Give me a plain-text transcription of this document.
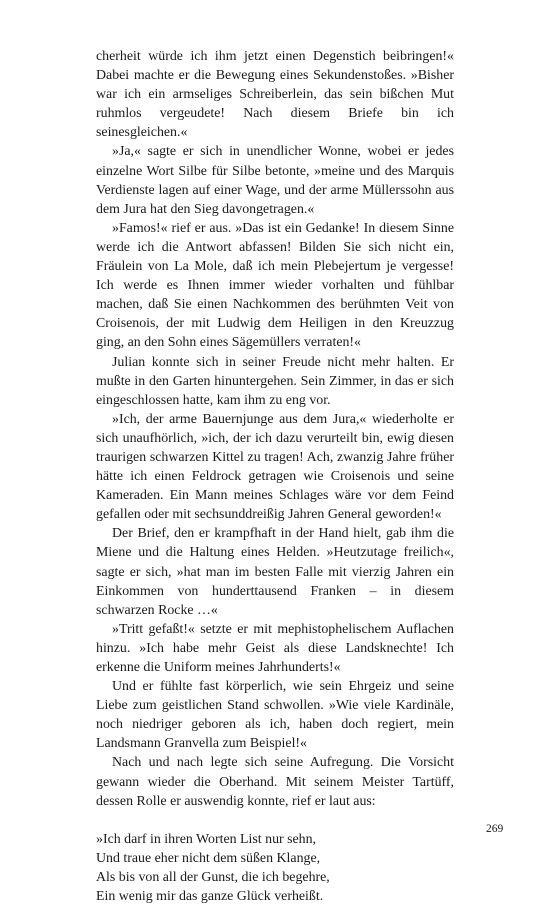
cherheit würde ich ihm jetzt einen Degenstich beibringen!« Dabei machte er die Bewegung eines Sekundenstoßes. »Bisher war ich ein armseliges Schreiberlein, das sein bißchen Mut ruhmlos vergeudete! Nach diesem Briefe bin ich seinesgleichen.«

»Ja,« sagte er sich in unendlicher Wonne, wobei er jedes einzelne Wort Silbe für Silbe betonte, »meine und des Marquis Verdienste lagen auf einer Wage, und der arme Müllerssohn aus dem Jura hat den Sieg davongetragen.«

»Famos!« rief er aus. »Das ist ein Gedanke! In diesem Sinne werde ich die Antwort abfassen! Bilden Sie sich nicht ein, Fräulein von La Mole, daß ich mein Plebejertum je vergesse! Ich werde es Ihnen immer wieder vorhalten und fühlbar machen, daß Sie einen Nachkommen des berühmten Veit von Croisenois, der mit Ludwig dem Heiligen in den Kreuzzug ging, an den Sohn eines Sägemüllers verraten!«

Julian konnte sich in seiner Freude nicht mehr halten. Er mußte in den Garten hinuntergehen. Sein Zimmer, in das er sich eingeschlossen hatte, kam ihm zu eng vor.

»Ich, der arme Bauernjunge aus dem Jura,« wiederholte er sich unaufhörlich, »ich, der ich dazu verurteilt bin, ewig diesen traurigen schwarzen Kittel zu tragen! Ach, zwanzig Jahre früher hätte ich einen Feldrock getragen wie Croisenois und seine Kameraden. Ein Mann meines Schlages wäre vor dem Feind gefallen oder mit sechsunddreißig Jahren General geworden!«

Der Brief, den er krampfhaft in der Hand hielt, gab ihm die Miene und die Haltung eines Helden. »Heutzutage freilich«, sagte er sich, »hat man im besten Falle mit vierzig Jahren ein Einkommen von hunderttausend Franken – in diesem schwarzen Rocke …«

»Tritt gefaßt!« setzte er mit mephistophelischem Auflachen hinzu. »Ich habe mehr Geist als diese Landsknechte! Ich erkenne die Uniform meines Jahrhunderts!«

Und er fühlte fast körperlich, wie sein Ehrgeiz und seine Liebe zum geistlichen Stand schwollen. »Wie viele Kardinäle, noch niedriger geboren als ich, haben doch regiert, mein Landsmann Granvella zum Beispiel!«

Nach und nach legte sich seine Aufregung. Die Vorsicht gewann wieder die Oberhand. Mit seinem Meister Tartüff, dessen Rolle er auswendig konnte, rief er laut aus:

»Ich darf in ihren Worten List nur sehn,
Und traue eher nicht dem süßen Klange,
Als bis von all der Gunst, die ich begehre,
Ein wenig mir das ganze Glück verheißt.
269
